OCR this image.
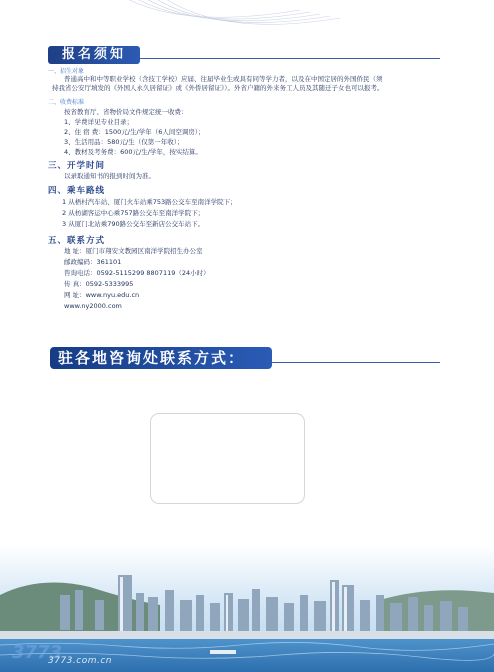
报名须知
一、招生对象
普通高中和中等职业学校（含技工学校）应届、往届毕业生或具有同等学力者，以及在中国定居的外国侨民（须
持我省公安厅填发的《外国人永久居留证》或《外侨居留证》）。外省户籍的外来务工人员及其随迁子女也可以报考。
二、收费标准
按省教育厅、省物价局文件规定统一收费：
1、学费详见专业目录；
2、住 宿 费：1500元/生/学年（6人间空调房）；
3、生活用品：580元/生（仅第一年收）；
4、教材及考务费：600元/生/学年，按实结算。
三、开学时间
以录取通知书的报到时间为准。
四、乘车路线
1 从梧村汽车站、厦门火车站乘753路公交车至南洋学院下；
2 从枋湖客运中心乘757路公交车至南洋学院下；
3 从厦门北站乘790路公交车至新店公交车站下。
五、联系方式
地 址：厦门市翔安文教园区南洋学院招生办公室
邮政编码：361101
咨询电话：0592-5115299 8807119（24小时）
传 真：0592-5333995
网 址：www.nyu.edu.cn
www.ny2000.com
驻各地咨询处联系方式：
3773
3773.com.cn
